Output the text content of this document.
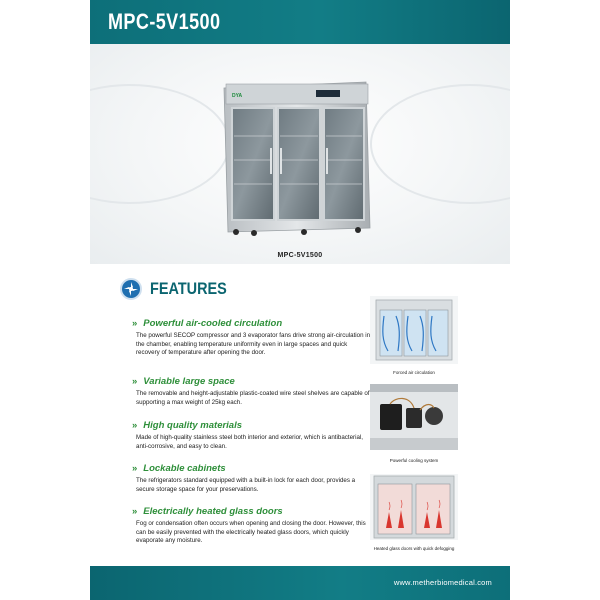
MPC-5V1500
DYA
MPC-5V1500
FEATURES
» Powerful air-cooled circulation
The powerful SECOP compressor and 3 evaporator fans drive strong air-circulation in the chamber, enabling temperature uniformity even in large spaces and quick recovery of temperature after opening the door.
» Variable large space
The removable and height-adjustable plastic-coated wire steel shelves are capable of supporting a max weight of 25kg each.
» High quality materials
Made of high-quality stainless steel both interior and exterior, which is antibacterial, anti-corrosive, and easy to clean.
» Lockable cabinets
The refrigerators standard equipped with a built-in lock for each door, provides a secure storage space for your preservations.
» Electrically heated glass doors
Fog or condensation often occurs when opening and closing the door. However, this can be easily prevented with the electrically heated glass doors, which quickly evaporate any moisture.
Forced air circulation
Powerful cooling system
Heated glass doors with quick defogging
www.metherbiomedical.com
